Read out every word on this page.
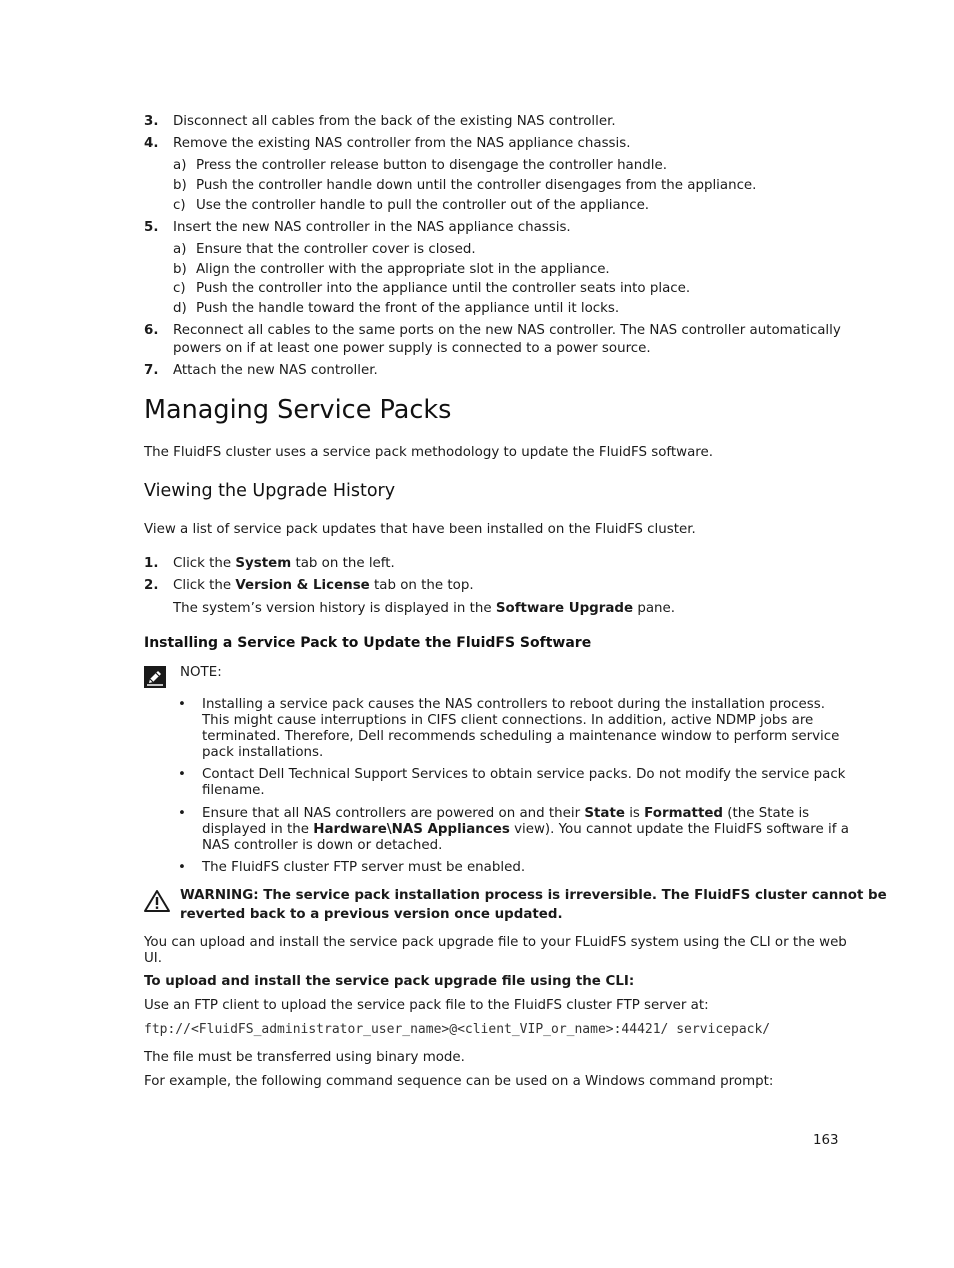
3. Disconnect all cables from the back of the existing NAS controller.
4. Remove the existing NAS controller from the NAS appliance chassis.
a) Press the controller release button to disengage the controller handle.
b) Push the controller handle down until the controller disengages from the appliance.
c) Use the controller handle to pull the controller out of the appliance.
5. Insert the new NAS controller in the NAS appliance chassis.
a) Ensure that the controller cover is closed.
b) Align the controller with the appropriate slot in the appliance.
c) Push the controller into the appliance until the controller seats into place.
d) Push the handle toward the front of the appliance until it locks.
6. Reconnect all cables to the same ports on the new NAS controller. The NAS controller automatically
powers on if at least one power supply is connected to a power source.
7. Attach the new NAS controller.
Managing Service Packs
The FluidFS cluster uses a service pack methodology to update the FluidFS software.
Viewing the Upgrade History
View a list of service pack updates that have been installed on the FluidFS cluster.
1. Click the System tab on the left.
2. Click the Version & License tab on the top.
The system’s version history is displayed in the Software Upgrade pane.
Installing a Service Pack to Update the FluidFS Software
NOTE:
• Installing a service pack causes the NAS controllers to reboot during the installation process.
This might cause interruptions in CIFS client connections. In addition, active NDMP jobs are
terminated. Therefore, Dell recommends scheduling a maintenance window to perform service
pack installations.
• Contact Dell Technical Support Services to obtain service packs. Do not modify the service pack
filename.
• Ensure that all NAS controllers are powered on and their State is Formatted (the State is
displayed in the Hardware\NAS Appliances view). You cannot update the FluidFS software if a
NAS controller is down or detached.
• The FluidFS cluster FTP server must be enabled.
WARNING: The service pack installation process is irreversible. The FluidFS cluster cannot be
reverted back to a previous version once updated.
You can upload and install the service pack upgrade file to your FLuidFS system using the CLI or the web
UI.
To upload and install the service pack upgrade file using the CLI:
Use an FTP client to upload the service pack file to the FluidFS cluster FTP server at:
ftp://<FluidFS_administrator_user_name>@<client_VIP_or_name>:44421/ servicepack/
The file must be transferred using binary mode.
For example, the following command sequence can be used on a Windows command prompt:
163
